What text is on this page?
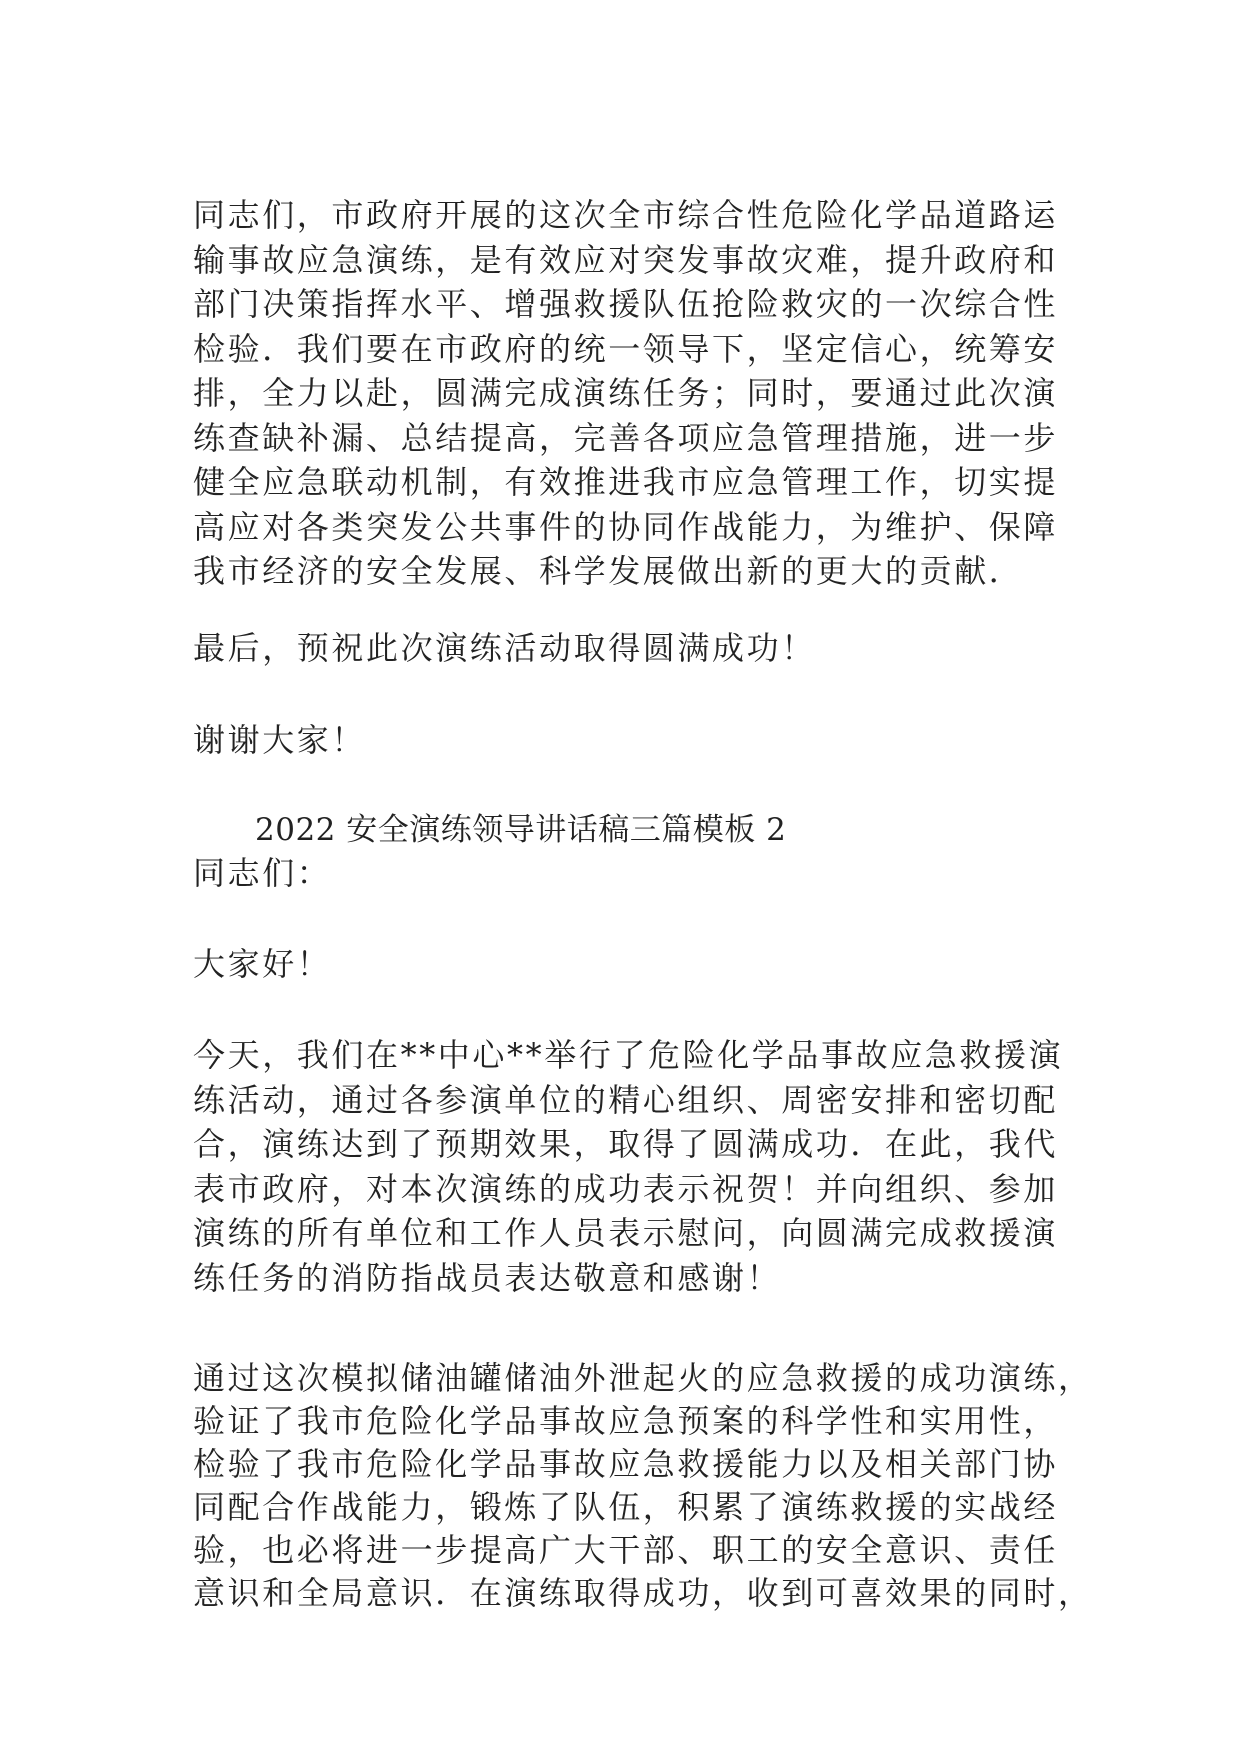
同志们，市政府开展的这次全市综合性危险化学品道路运
输事故应急演练，是有效应对突发事故灾难，提升政府和
部门决策指挥水平、增强救援队伍抢险救灾的一次综合性
检验．我们要在市政府的统一领导下，坚定信心，统筹安
排，全力以赴，圆满完成演练任务；同时，要通过此次演
练查缺补漏、总结提高，完善各项应急管理措施，进一步
健全应急联动机制，有效推进我市应急管理工作，切实提
高应对各类突发公共事件的协同作战能力，为维护、保障
我市经济的安全发展、科学发展做出新的更大的贡献．
最后，预祝此次演练活动取得圆满成功！
谢谢大家！
2022 安全演练领导讲话稿三篇模板 2
同志们：
大家好！
今天，我们在**中心**举行了危险化学品事故应急救援演
练活动，通过各参演单位的精心组织、周密安排和密切配
合，演练达到了预期效果，取得了圆满成功．在此，我代
表市政府，对本次演练的成功表示祝贺！并向组织、参加
演练的所有单位和工作人员表示慰问，向圆满完成救援演
练任务的消防指战员表达敬意和感谢！
通过这次模拟储油罐储油外泄起火的应急救援的成功演练，
验证了我市危险化学品事故应急预案的科学性和实用性，
检验了我市危险化学品事故应急救援能力以及相关部门协
同配合作战能力，锻炼了队伍，积累了演练救援的实战经
验，也必将进一步提高广大干部、职工的安全意识、责任
意识和全局意识．在演练取得成功，收到可喜效果的同时，
